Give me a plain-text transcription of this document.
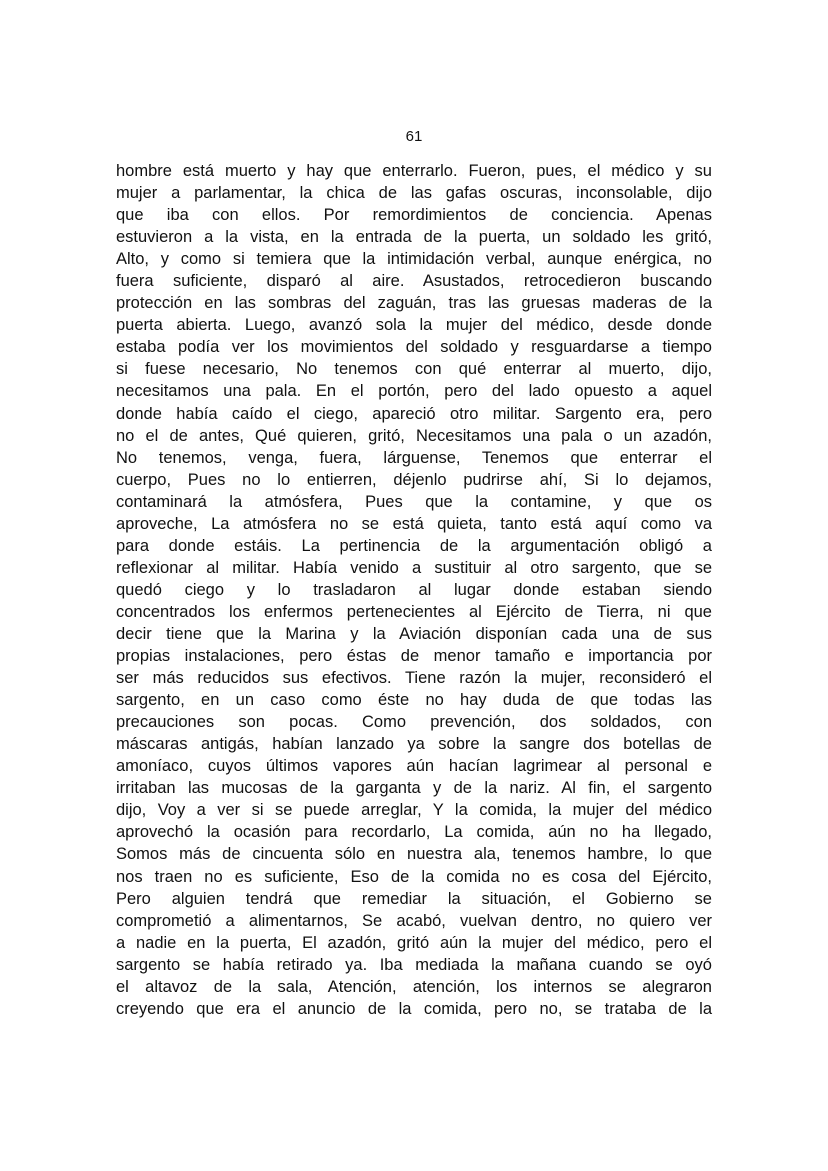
61
hombre está muerto y hay que enterrarlo. Fueron, pues, el médico y su
mujer a parlamentar, la chica de las gafas oscuras, inconsolable, dijo
que iba con ellos. Por remordimientos de conciencia. Apenas
estuvieron a la vista, en la entrada de la puerta, un soldado les gritó,
Alto, y como si temiera que la intimidación verbal, aunque enérgica, no
fuera suficiente, disparó al aire. Asustados, retrocedieron buscando
protección en las sombras del zaguán, tras las gruesas maderas de la
puerta abierta. Luego, avanzó sola la mujer del médico, desde donde
estaba podía ver los movimientos del soldado y resguardarse a tiempo
si fuese necesario, No tenemos con qué enterrar al muerto, dijo,
necesitamos una pala. En el portón, pero del lado opuesto a aquel
donde había caído el ciego, apareció otro militar. Sargento era, pero
no el de antes, Qué quieren, gritó, Necesitamos una pala o un azadón,
No tenemos, venga, fuera, lárguense, Tenemos que enterrar el
cuerpo, Pues no lo entierren, déjenlo pudrirse ahí, Si lo dejamos,
contaminará la atmósfera, Pues que la contamine, y que os
aproveche, La atmósfera no se está quieta, tanto está aquí como va
para donde estáis. La pertinencia de la argumentación obligó a
reflexionar al militar. Había venido a sustituir al otro sargento, que se
quedó ciego y lo trasladaron al lugar donde estaban siendo
concentrados los enfermos pertenecientes al Ejército de Tierra, ni que
decir tiene que la Marina y la Aviación disponían cada una de sus
propias instalaciones, pero éstas de menor tamaño e importancia por
ser más reducidos sus efectivos. Tiene razón la mujer, reconsideró el
sargento, en un caso como éste no hay duda de que todas las
precauciones son pocas. Como prevención, dos soldados, con
máscaras antigás, habían lanzado ya sobre la sangre dos botellas de
amoníaco, cuyos últimos vapores aún hacían lagrimear al personal e
irritaban las mucosas de la garganta y de la nariz. Al fin, el sargento
dijo, Voy a ver si se puede arreglar, Y la comida, la mujer del médico
aprovechó la ocasión para recordarlo, La comida, aún no ha llegado,
Somos más de cincuenta sólo en nuestra ala, tenemos hambre, lo que
nos traen no es suficiente, Eso de la comida no es cosa del Ejército,
Pero alguien tendrá que remediar la situación, el Gobierno se
comprometió a alimentarnos, Se acabó, vuelvan dentro, no quiero ver
a nadie en la puerta, El azadón, gritó aún la mujer del médico, pero el
sargento se había retirado ya. Iba mediada la mañana cuando se oyó
el altavoz de la sala, Atención, atención, los internos se alegraron
creyendo que era el anuncio de la comida, pero no, se trataba de la
